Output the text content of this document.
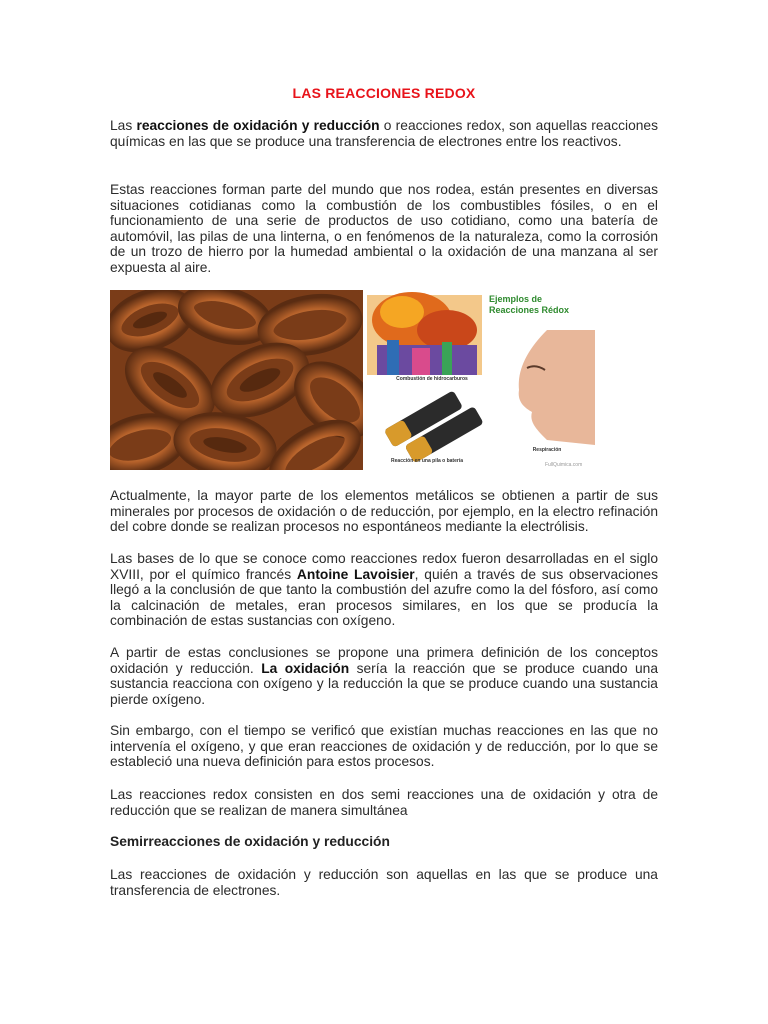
LAS REACCIONES REDOX

Las reacciones de oxidación y reducción o reacciones redox, son aquellas reacciones químicas en las que se produce una transferencia de electrones entre los reactivos.

Estas reacciones forman parte del mundo que nos rodea, están presentes en diversas situaciones cotidianas como la combustión de los combustibles fósiles, o en el funcionamiento de una serie de productos de uso cotidiano, como una batería de automóvil, las pilas de una linterna, o en fenómenos de la naturaleza, como la corrosión de un trozo de hierro por la humedad ambiental o la oxidación de una manzana al ser expuesta al aire.

Ejemplos de Reacciones Rédox
Combustión de hidrocarburos
Reacción en una pila o batería
Respiración
FullQuimica.com

Actualmente, la mayor parte de los elementos metálicos se obtienen a partir de sus minerales por procesos de oxidación o de reducción, por ejemplo, en la electro refinación del cobre donde se realizan procesos no espontáneos mediante la electrólisis.

Las bases de lo que se conoce como reacciones redox fueron desarrolladas en el siglo XVIII, por el químico francés Antoine Lavoisier, quién a través de sus observaciones llegó a la conclusión de que tanto la combustión del azufre como la del fósforo, así como la calcinación de metales, eran procesos similares, en los que se producía la combinación de estas sustancias con oxígeno.

A partir de estas conclusiones se propone una primera definición de los conceptos oxidación y reducción. La oxidación sería la reacción que se produce cuando una sustancia reacciona con oxígeno y la reducción la que se produce cuando una sustancia pierde oxígeno.

Sin embargo, con el tiempo se verificó que existían muchas reacciones en las que no intervenía el oxígeno, y que eran reacciones de oxidación y de reducción, por lo que se estableció una nueva definición para estos procesos.

Las reacciones redox consisten en dos semi reacciones una de oxidación y otra de reducción que se realizan de manera simultánea

Semirreacciones de oxidación y reducción

Las reacciones de oxidación y reducción son aquellas en las que se produce una transferencia de electrones.
